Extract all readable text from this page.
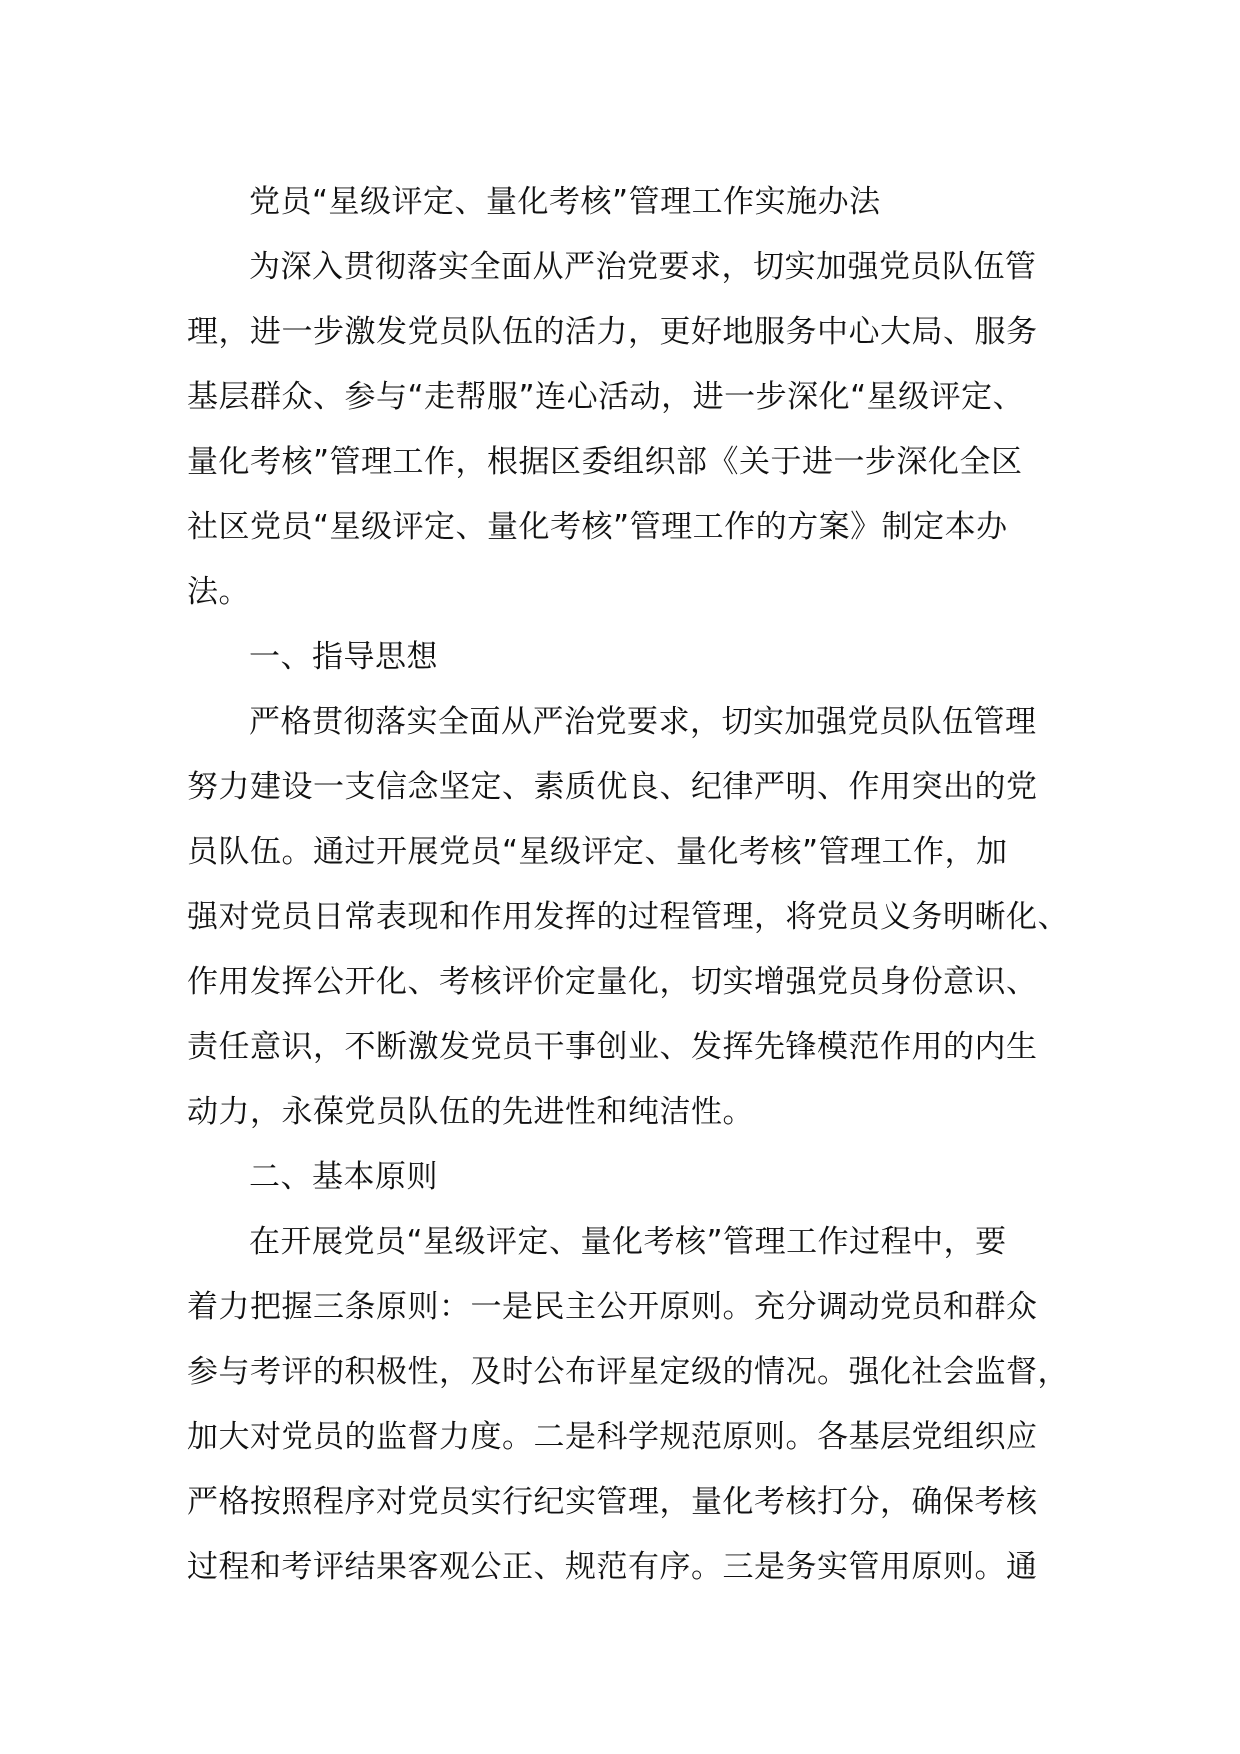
党员“星级评定、量化考核”管理工作实施办法
为深入贯彻落实全面从严治党要求，切实加强党员队伍管
理，进一步激发党员队伍的活力，更好地服务中心大局、服务
基层群众、参与“走帮服”连心活动，进一步深化“星级评定、
量化考核”管理工作，根据区委组织部《关于进一步深化全区
社区党员“星级评定、量化考核”管理工作的方案》制定本办
法。
一、指导思想
严格贯彻落实全面从严治党要求，切实加强党员队伍管理
努力建设一支信念坚定、素质优良、纪律严明、作用突出的党
员队伍。通过开展党员“星级评定、量化考核”管理工作，加
强对党员日常表现和作用发挥的过程管理，将党员义务明晰化、
作用发挥公开化、考核评价定量化，切实增强党员身份意识、
责任意识，不断激发党员干事创业、发挥先锋模范作用的内生
动力，永葆党员队伍的先进性和纯洁性。
二、基本原则
在开展党员“星级评定、量化考核”管理工作过程中，要
着力把握三条原则：一是民主公开原则。充分调动党员和群众
参与考评的积极性，及时公布评星定级的情况。强化社会监督，
加大对党员的监督力度。二是科学规范原则。各基层党组织应
严格按照程序对党员实行纪实管理，量化考核打分，确保考核
过程和考评结果客观公正、规范有序。三是务实管用原则。通
